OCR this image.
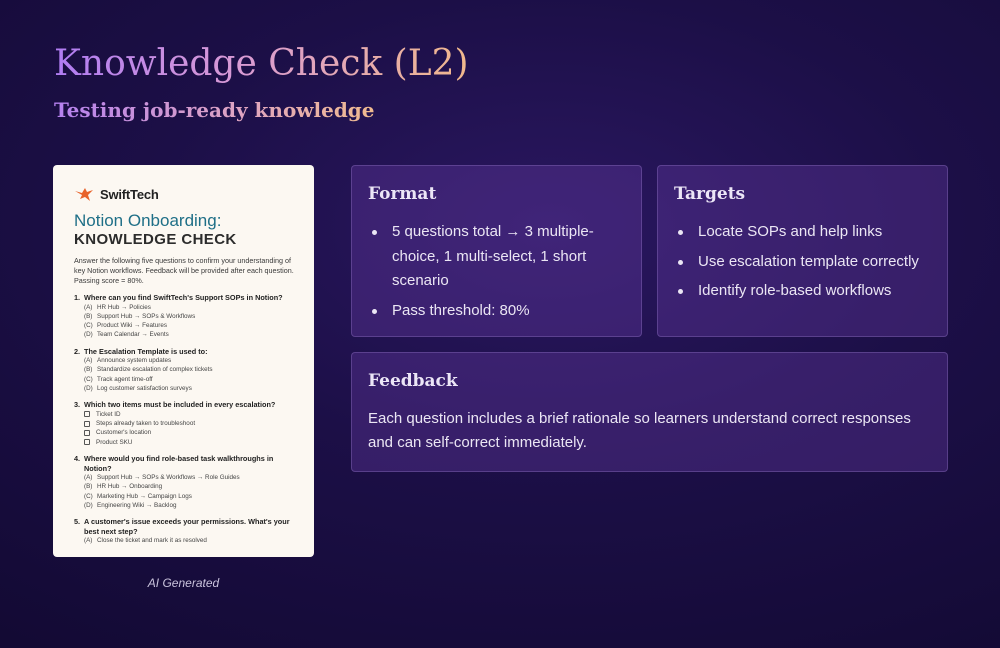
Knowledge Check (L2)
Testing job-ready knowledge
SwiftTech
Notion Onboarding:
KNOWLEDGE CHECK
Answer the following five questions to confirm your understanding of key Notion workflows. Feedback will be provided after each question. Passing score = 80%.
1. Where can you find SwiftTech's Support SOPs in Notion?
(A) HR Hub → Policies
(B) Support Hub → SOPs & Workflows
(C) Product Wiki → Features
(D) Team Calendar → Events
2. The Escalation Template is used to:
(A) Announce system updates
(B) Standardize escalation of complex tickets
(C) Track agent time-off
(D) Log customer satisfaction surveys
3. Which two items must be included in every escalation?
Ticket ID
Steps already taken to troubleshoot
Customer's location
Product SKU
4. Where would you find role-based task walkthroughs in Notion?
(A) Support Hub → SOPs & Workflows → Role Guides
(B) HR Hub → Onboarding
(C) Marketing Hub → Campaign Logs
(D) Engineering Wiki → Backlog
5. A customer's issue exceeds your permissions. What's your best next step?
(A) Close the ticket and mark it as resolved
AI Generated
Format
5 questions total → 3 multiple-choice, 1 multi-select, 1 short scenario
Pass threshold: 80%
Targets
Locate SOPs and help links
Use escalation template correctly
Identify role-based workflows
Feedback

Each question includes a brief rationale so learners understand correct responses and can self-correct immediately.
